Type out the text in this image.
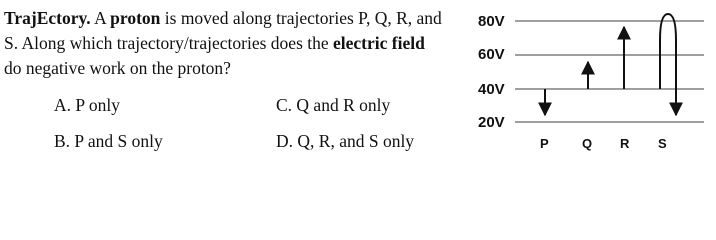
TrajEctory. A proton is moved along trajectories P, Q, R, and S. Along which trajectory/trajectories does the electric field do negative work on the proton?
A. P only
B. P and S only
C. Q and R only
D. Q, R, and S only
80V
60V
40V
20V
P	Q R S
